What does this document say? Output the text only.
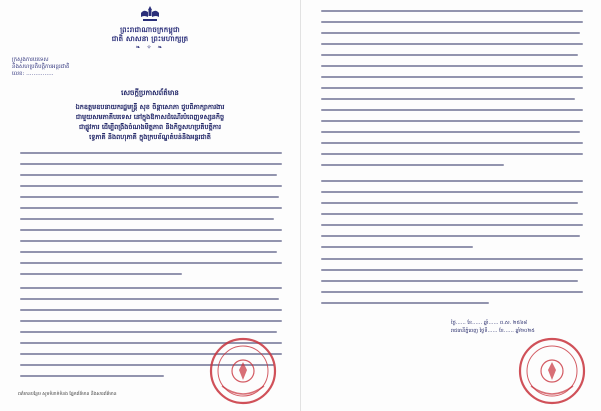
ព្រះរាជាណាចក្រកម្ពុជា
ជាតិ សាសនា ព្រះមហាក្សត្រ
❧ ✧ ❧
ក្រសួងការបរទេស
និងសហប្រតិបត្តិការអន្តរជាតិ
លេខ: ……………
សេចក្តីប្រកាសព័ត៌មាន
ឯកឧត្តមឧបនាយករដ្ឋមន្ត្រី សុខ ចិន្តាសោភា ជួបពិភាក្សាការងារ
ជាមួយសមភាគីបរទេស នៅក្នុងឱកាសដំណើរបំពេញទស្សនកិច្ច
ជាផ្លូវការ ដើម្បីពង្រឹងចំណងមិត្តភាព និងកិច្ចសហប្រតិបត្តិការ
ទ្វេភាគី និងពហុភាគី ក្នុងក្របខ័ណ្ឌតំបន់និងអន្តរជាតិ
ពត៌មានបន្ថែម សូមទំនាក់ទំនង ផ្នែកព័ត៌មាន និងសារព័ត៌មាន
ថ្ងៃ…… ខែ…… ឆ្នាំ…… ព.ស. ២៥៦៨
រាជធានីភ្នំពេញ ថ្ងៃទី…… ខែ…… ឆ្នាំ២០២៥
